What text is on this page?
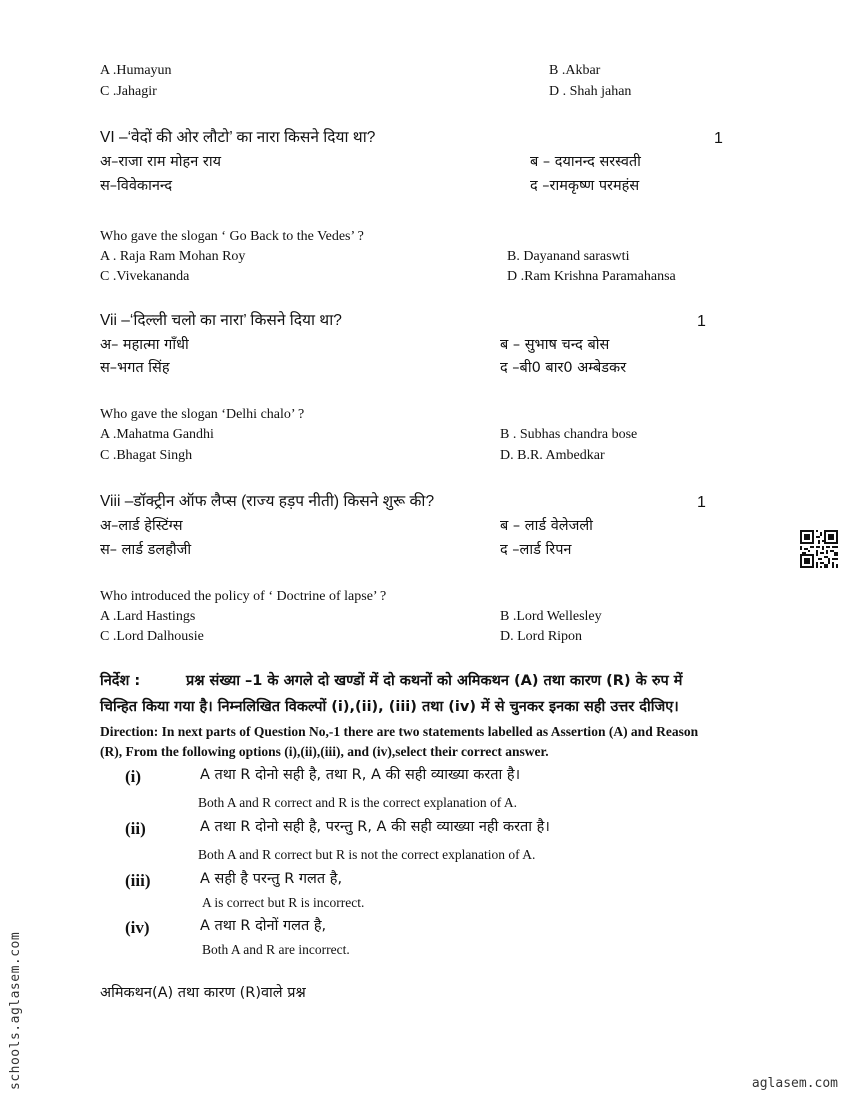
A .Humayun	B .Akbar
C .Jahagir	D . Shah jahan
VI –‘वेदों की ओर लौटो’ का नारा किसने दिया था?	1
अ–राजा राम मोहन राय	ब – दयानन्द सरस्वती
स–विवेकानन्द	द –रामकृष्ण परमहंस
Who gave the slogan ‘ Go Back to the Vedes’ ?
A . Raja Ram Mohan Roy	B. Dayanand saraswti
C .Vivekananda	D .Ram Krishna Paramahansa
Vii –‘दिल्ली चलो का नारा’ किसने दिया था?	1
अ– महात्मा गाँधी	ब – सुभाष चन्द बोस
स–भगत सिंह	द –बी0 बार0 अम्बेडकर
Who gave the slogan ‘Delhi chalo’ ?
A .Mahatma Gandhi	B . Subhas chandra bose
C .Bhagat Singh	D. B.R. Ambedkar
Viii –डॉक्ट्रीन ऑफ लैप्स (राज्य हड़प नीती) किसने शुरू की?	1
अ–लार्ड हेस्टिंग्स	ब – लार्ड वेलेजली
स– लार्ड डलहौजी	द –लार्ड रिपन
Who introduced the policy of ‘ Doctrine of lapse’ ?
A .Lard Hastings	B .Lord Wellesley
C .Lord Dalhousie	D. Lord Ripon
निर्देश :	प्रश्न संख्या –1 के अगले दो खण्डों में दो कथनों को अमिकथन (A) तथा कारण (R) के रुप में
चिन्हित किया गया है। निम्नलिखित विकल्पों (i),(ii), (iii) तथा (iv) में से चुनकर इनका सही उत्तर दीजिए।
Direction: In next parts of Question No,-1 there are two statements labelled as Assertion (A) and Reason
(R), From the following options (i),(ii),(iii), and (iv),select their correct answer.
(i)	A तथा R दोनो सही है, तथा R, A की सही व्याख्या करता है।
Both A and R correct and R is the correct explanation of A.
(ii)	A तथा R दोनो सही है, परन्तु R, A की सही व्याख्या नही करता है।
Both A and R correct but R is not the correct explanation of A.
(iii)	A सही है परन्तु R गलत है,
A is correct but R is incorrect.
(iv)	A तथा R दोनों गलत है,
Both A and R are incorrect.
अमिकथन(A) तथा कारण (R)वाले प्रश्न
schools.aglasem.com	aglasem.com
